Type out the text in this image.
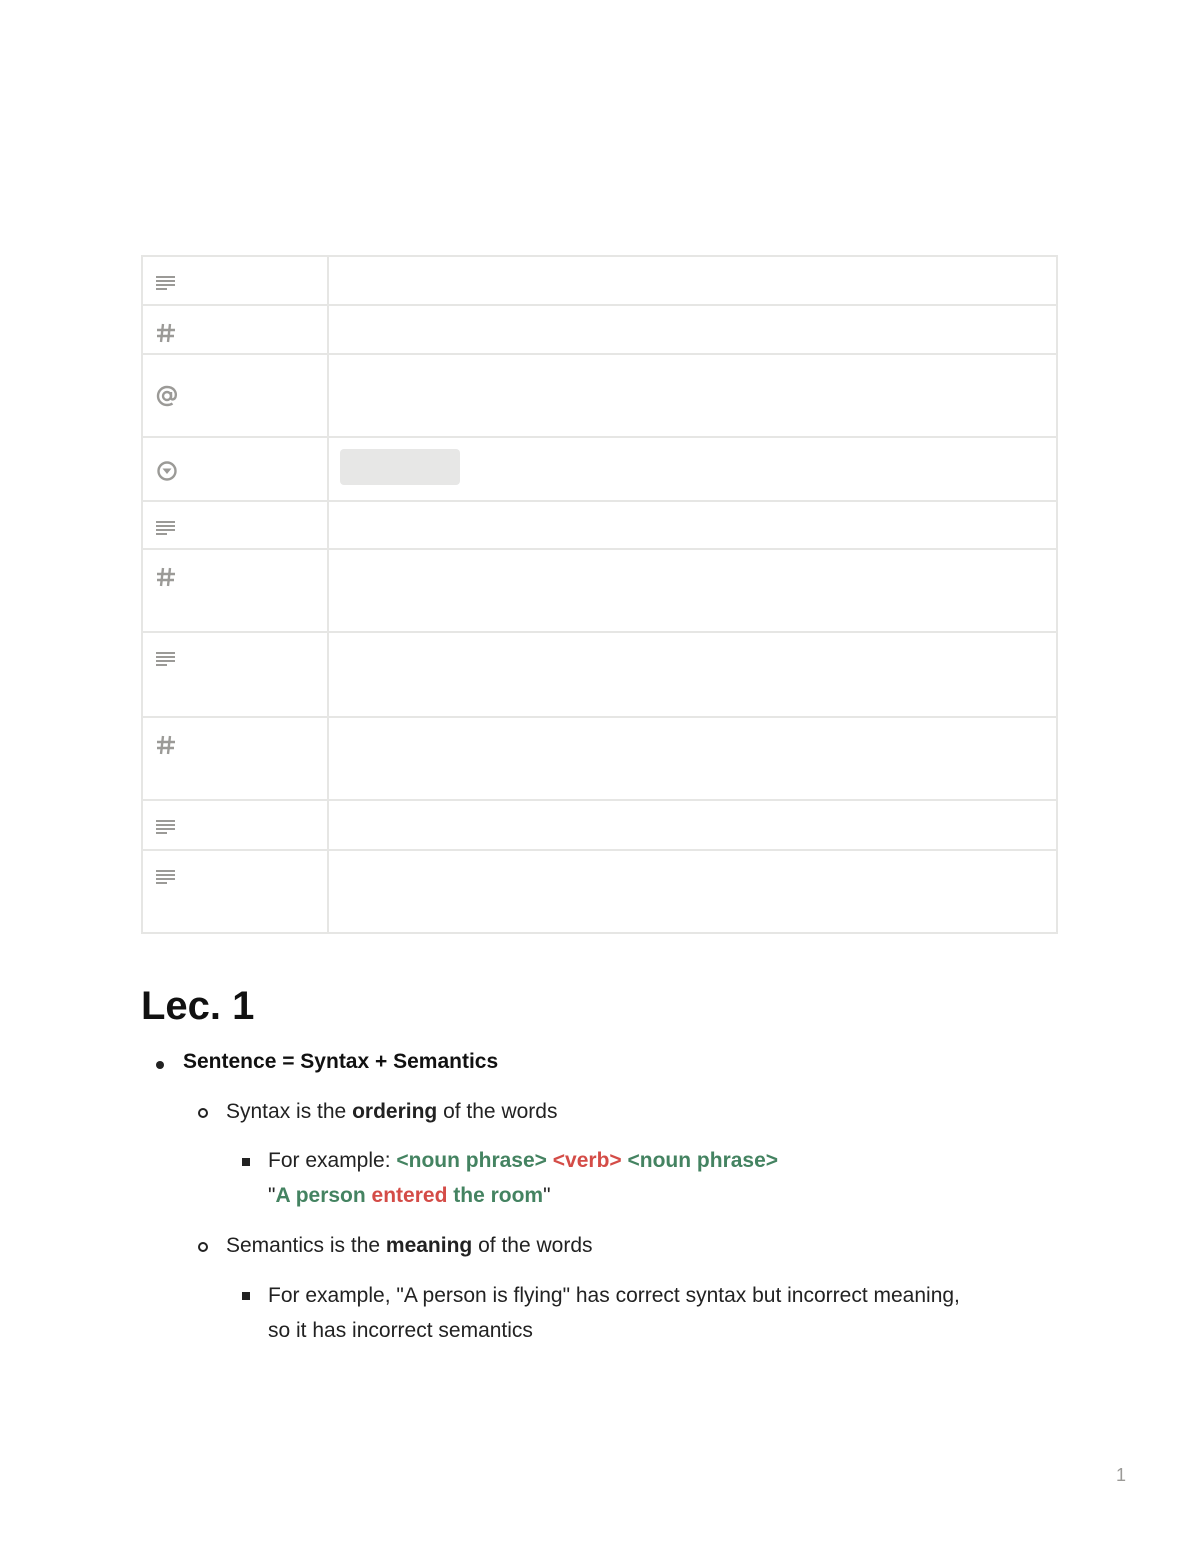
Lec. 1
Sentence = Syntax + Semantics
Syntax is the ordering of the words
For example: <noun phrase> <verb> <noun phrase>
"A person entered the room"
Semantics is the meaning of the words
For example, "A person is flying" has correct syntax but incorrect meaning,
so it has incorrect semantics
1
